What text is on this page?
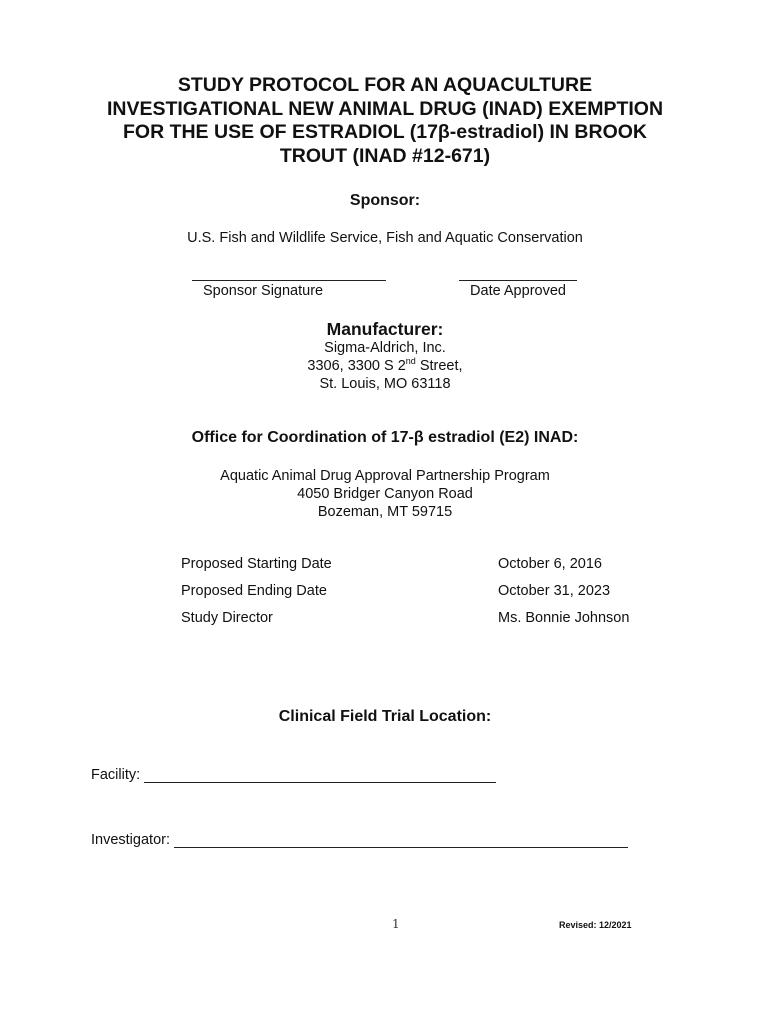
STUDY PROTOCOL FOR AN AQUACULTURE
INVESTIGATIONAL NEW ANIMAL DRUG (INAD) EXEMPTION
FOR THE USE OF ESTRADIOL (17β-estradiol) IN BROOK
TROUT (INAD #12-671)
Sponsor:
U.S. Fish and Wildlife Service, Fish and Aquatic Conservation
Sponsor Signature	Date Approved
Manufacturer:
Sigma-Aldrich, Inc.
3306, 3300 S 2nd Street,
St. Louis, MO 63118
Office for Coordination of 17-β estradiol (E2) INAD:
Aquatic Animal Drug Approval Partnership Program
4050 Bridger Canyon Road
Bozeman, MT 59715
Proposed Starting Date	October 6, 2016
Proposed Ending Date	October 31, 2023
Study Director	Ms. Bonnie Johnson
Clinical Field Trial Location:
Facility:
Investigator:
1	Revised: 12/2021
